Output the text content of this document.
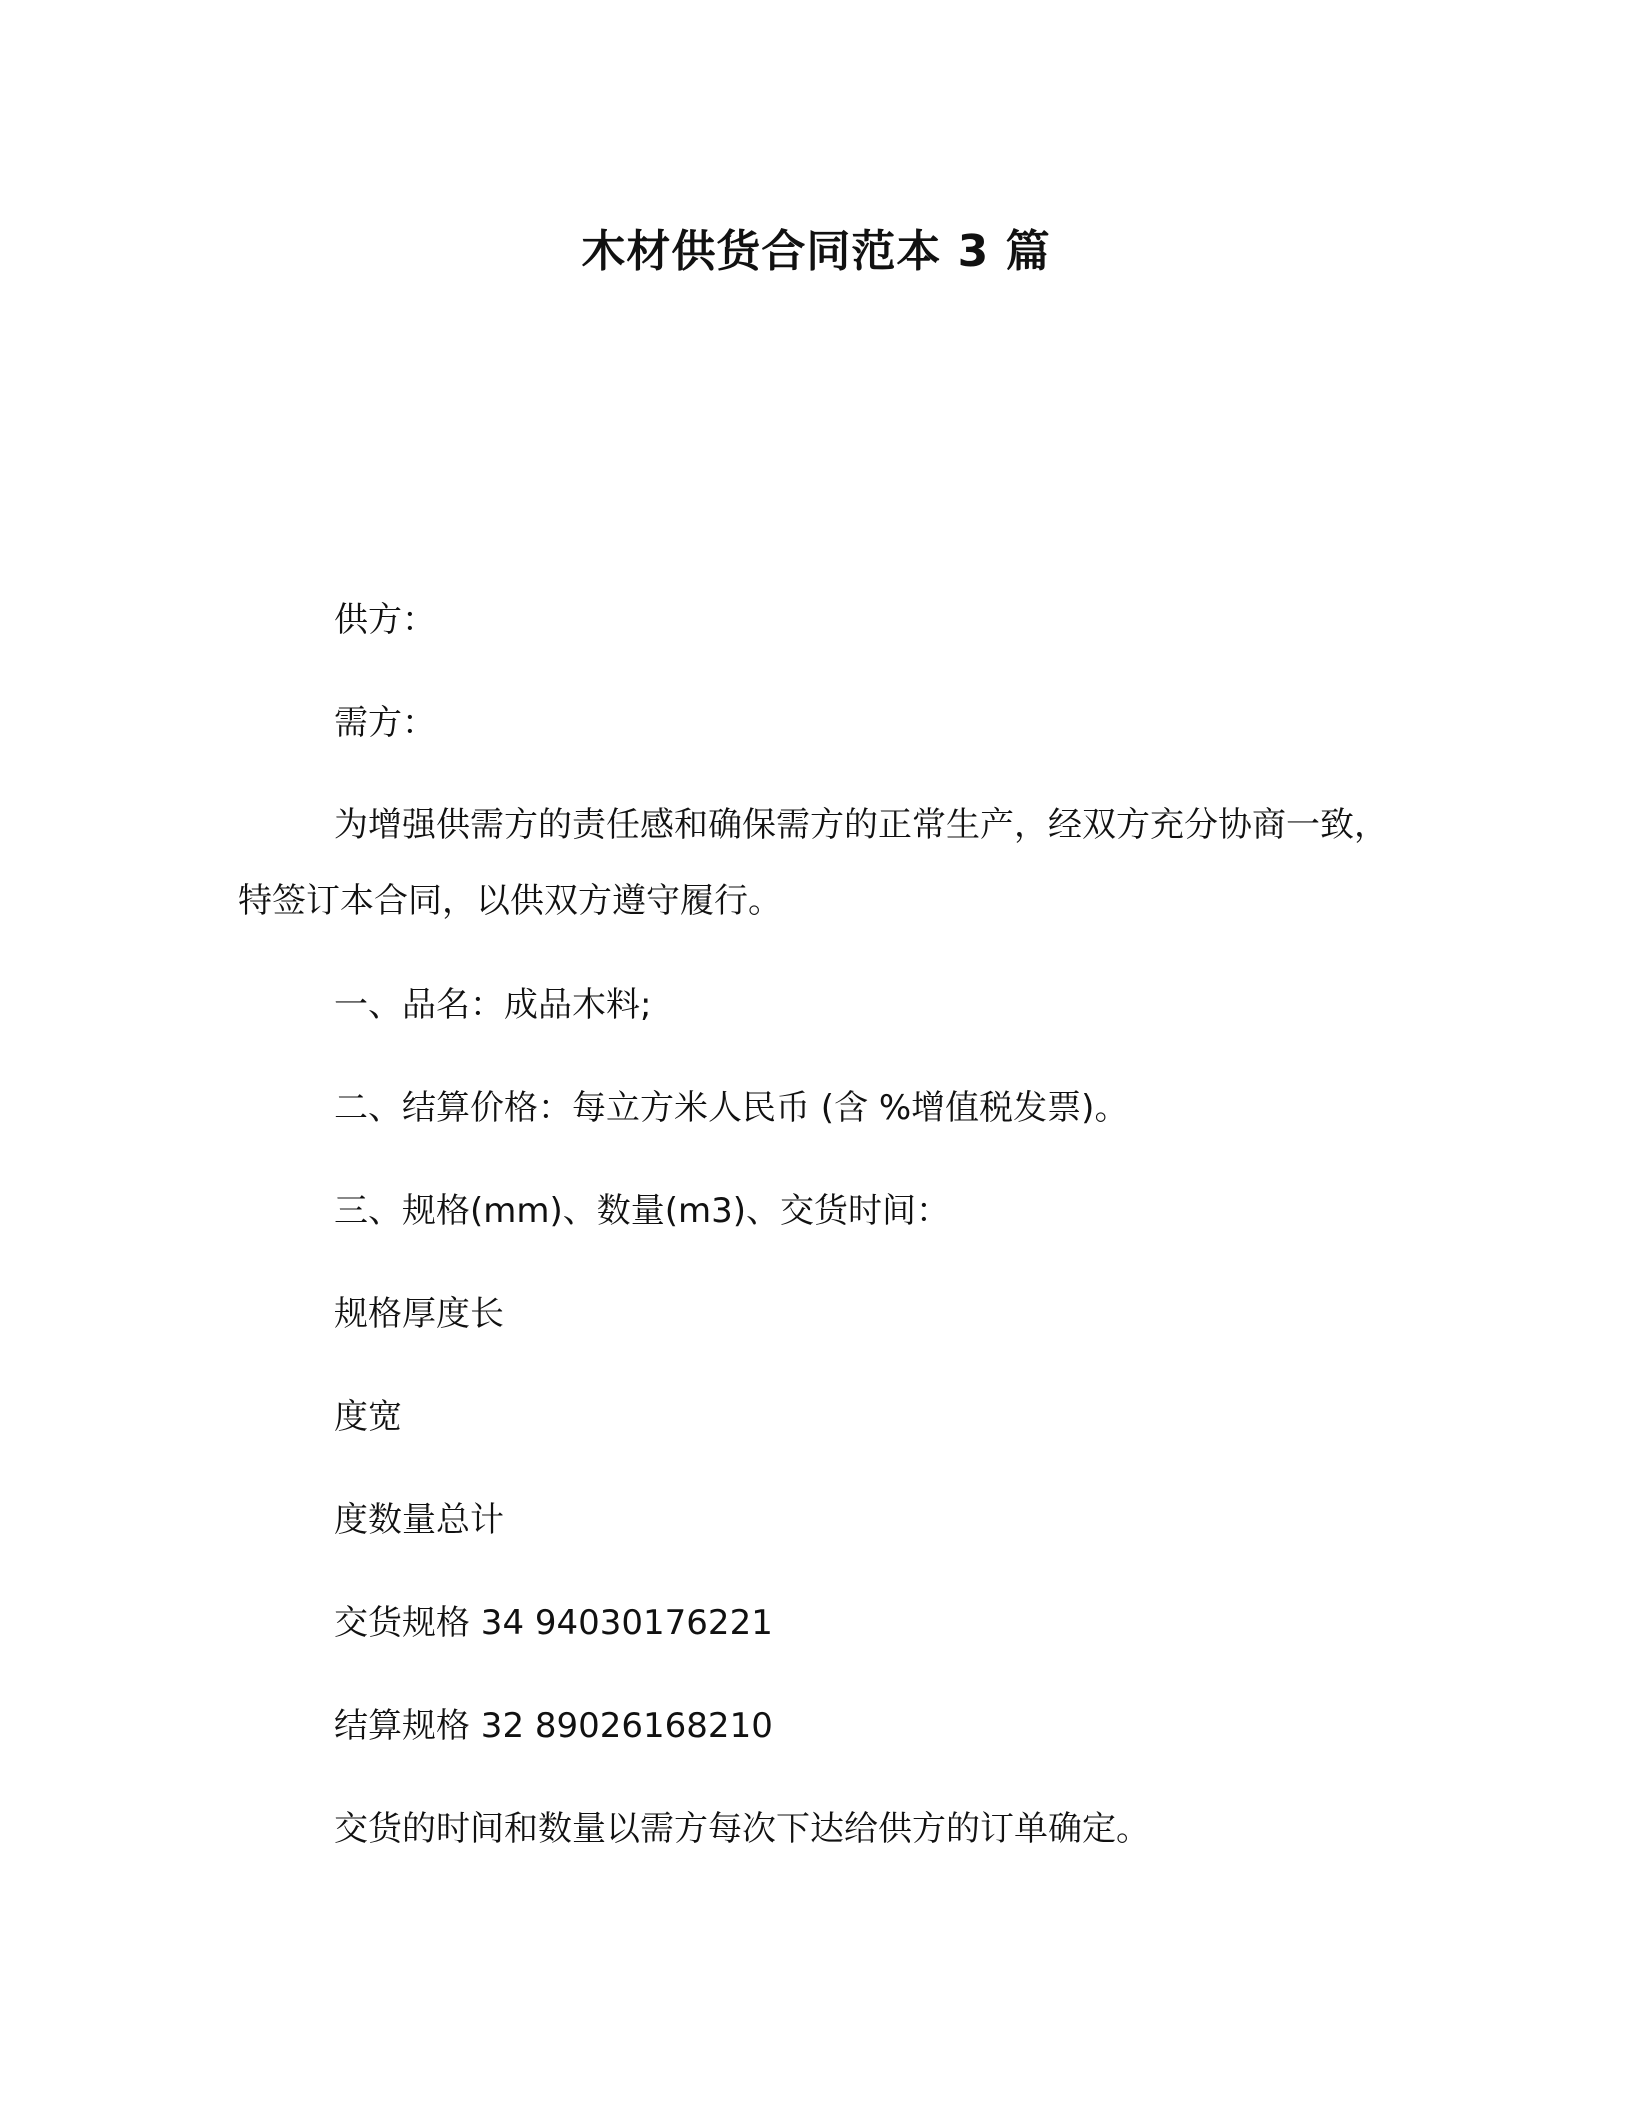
木材供货合同范本 3 篇
供方：
需方：
为增强供需方的责任感和确保需方的正常生产，经双方充分协商一致，特签订本合同，以供双方遵守履行。
一、品名：成品木料;
二、结算价格：每立方米人民币 (含 %增值税发票)。
三、规格(mm)、数量(m3)、交货时间：
规格厚度长
度宽
度数量总计
交货规格 34 94030176221
结算规格 32 89026168210
交货的时间和数量以需方每次下达给供方的订单确定。
